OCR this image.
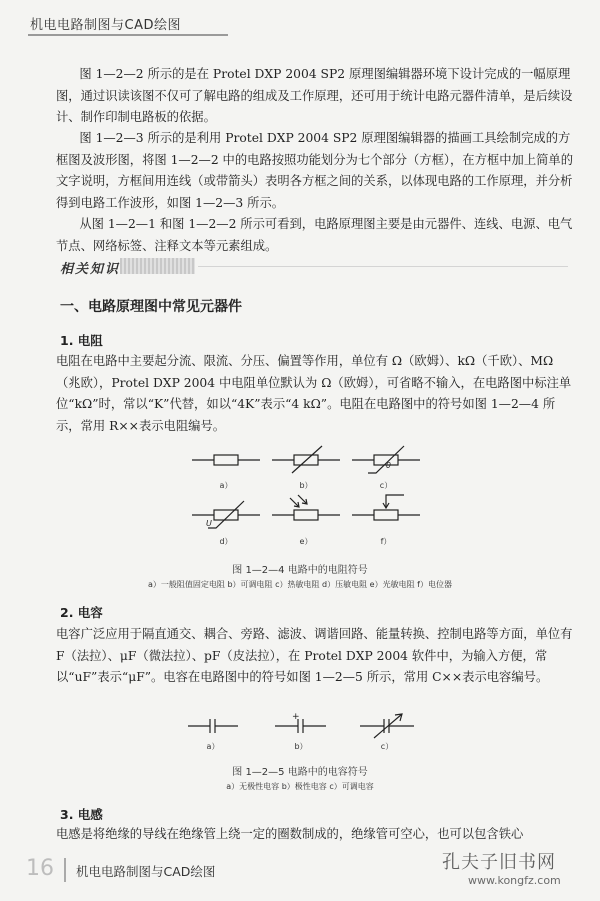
机电电路制图与CAD绘图

图 1—2—2 所示的是在 Protel DXP 2004 SP2 原理图编辑器环境下设计完成的一幅原理图，通过识读该图不仅可了解电路的组成及工作原理，还可用于统计电路元器件清单，是后续设计、制作印制电路板的依据。

图 1—2—3 所示的是利用 Protel DXP 2004 SP2 原理图编辑器的描画工具绘制完成的方框图及波形图，将图 1—2—2 中的电路按照功能划分为七个部分（方框），在方框中加上简单的文字说明，方框间用连线（或带箭头）表明各方框之间的关系，以体现电路的工作原理，并分析得到电路工作波形，如图 1—2—3 所示。

从图 1—2—1 和图 1—2—2 所示可看到，电路原理图主要是由元器件、连线、电源、电气节点、网络标签、注释文本等元素组成。

相关知识
一、电路原理图中常见元器件
1. 电阻

电阻在电路中主要起分流、限流、分压、偏置等作用，单位有 Ω（欧姆）、kΩ（千欧）、MΩ（兆欧），Protel DXP 2004 中电阻单位默认为 Ω（欧姆），可省略不输入，在电路图中标注单位“kΩ”时，常以“K”代替，如以“4K”表示“4 kΩ”。电阻在电路图中的符号如图 1—2—4 所示，常用 R××表示电阻编号。

θ
U
a）	b）	c）
d）	e）	f）
图 1—2—4 电路中的电阻符号
a）一般阻值固定电阻 b）可调电阻 c）热敏电阻 d）压敏电阻 e）光敏电阻 f）电位器
2. 电容

电容广泛应用于隔直通交、耦合、旁路、滤波、调谐回路、能量转换、控制电路等方面，单位有 F（法拉）、μF（微法拉）、pF（皮法拉），在 Protel DXP 2004 软件中，为输入方便，常以“uF”表示“μF”。电容在电路图中的符号如图 1—2—5 所示，常用 C××表示电容编号。

+
a）	b）	c）
图 1—2—5 电路中的电容符号
a）无极性电容 b）极性电容 c）可调电容
3. 电感

电感是将绝缘的导线在绝缘管上绕一定的圈数制成的，绝缘管可空心，也可以包含铁心

16 机电电路制图与CAD绘图	孔夫子旧书网
www.kongfz.com
